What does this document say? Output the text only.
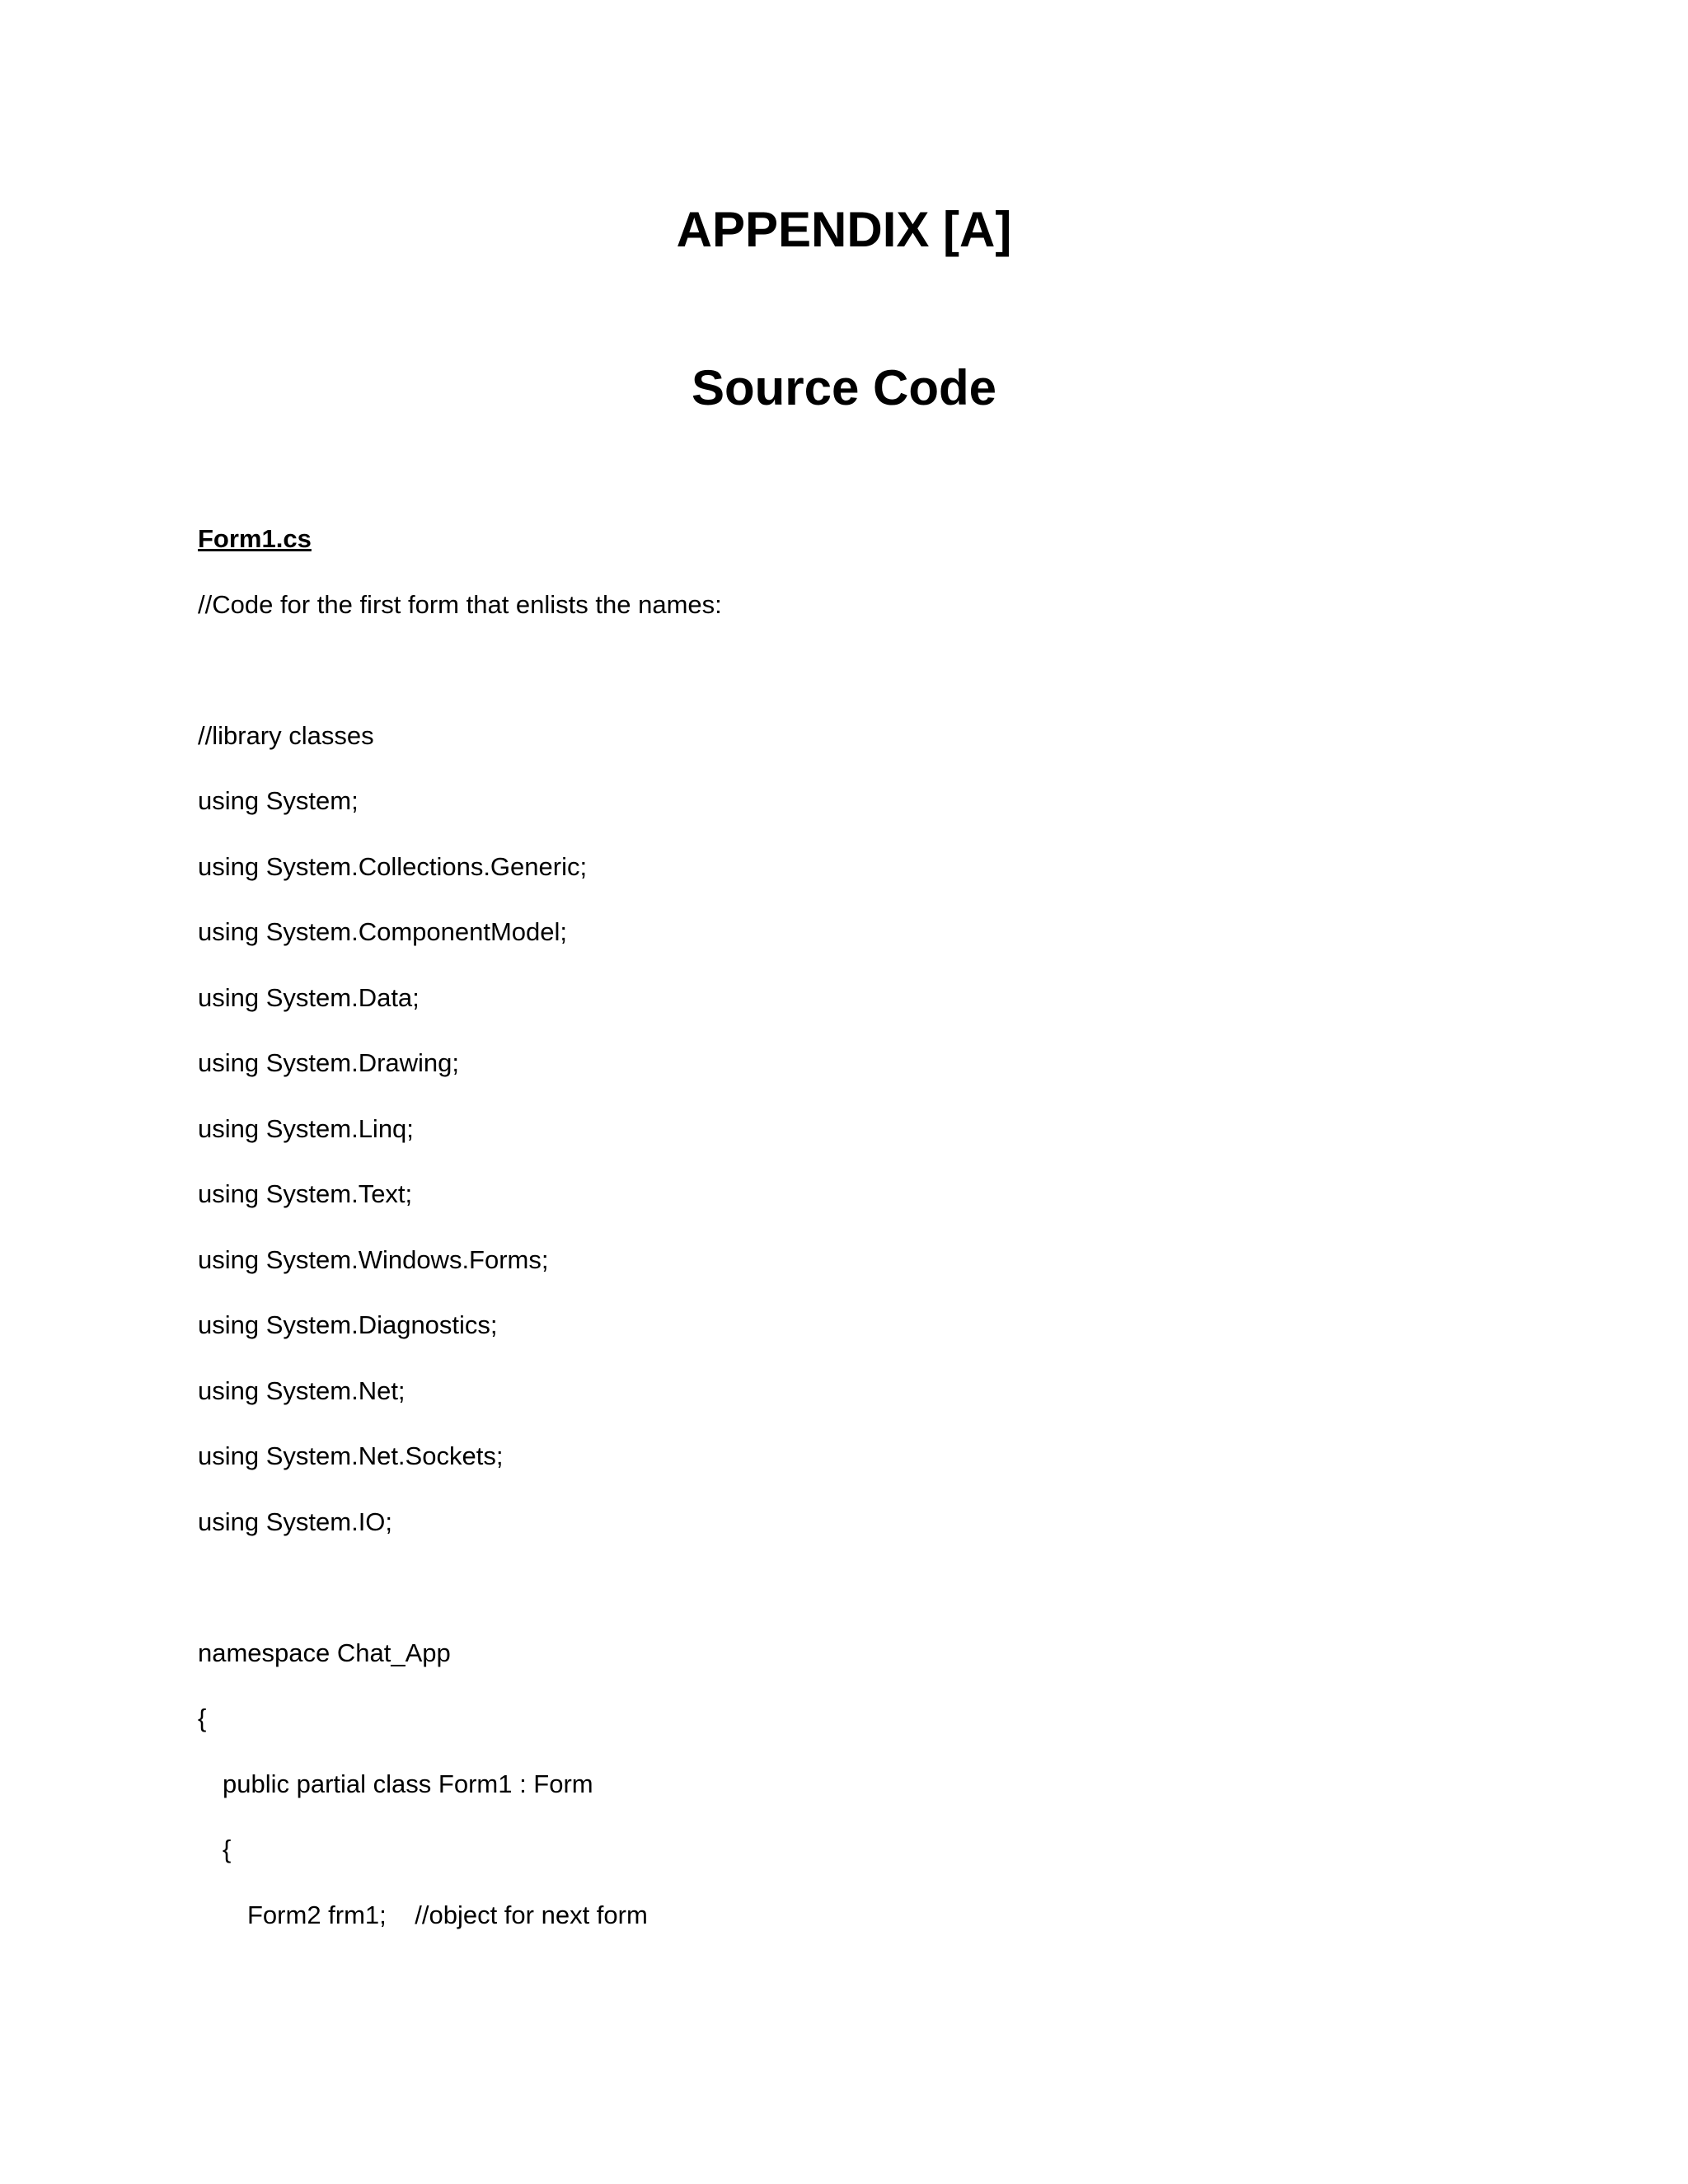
APPENDIX [A]
Source Code
Form1.cs
//Code for the first form that enlists the names:
//library classes
using System;
using System.Collections.Generic;
using System.ComponentModel;
using System.Data;
using System.Drawing;
using System.Linq;
using System.Text;
using System.Windows.Forms;
using System.Diagnostics;
using System.Net;
using System.Net.Sockets;
using System.IO;
namespace Chat_App
{
public partial class Form1 : Form
{
Form2 frm1;    //object for next form
